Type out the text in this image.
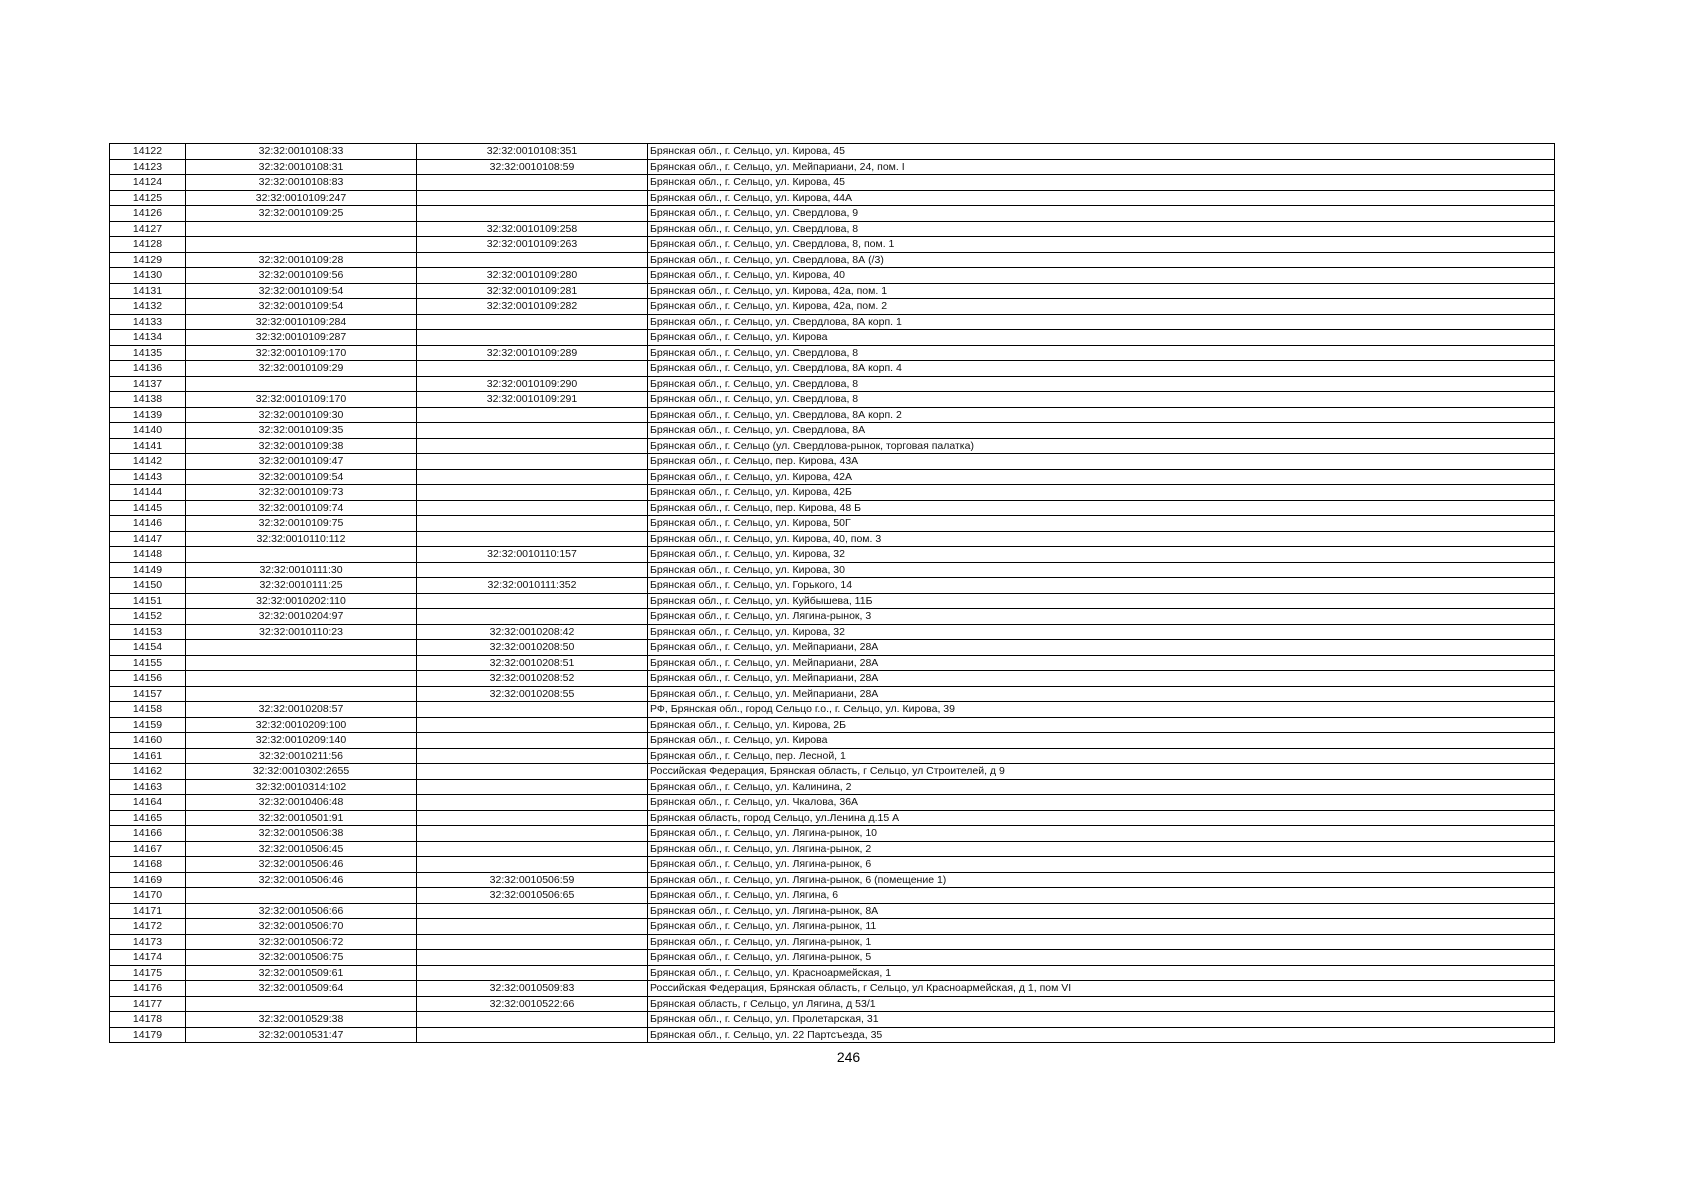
14122	32:32:0010108:33	32:32:0010108:351	Брянская обл., г. Сельцо, ул. Кирова, 45
14123	32:32:0010108:31	32:32:0010108:59	Брянская обл., г. Сельцо, ул. Мейпариани, 24, пом. I
14124	32:32:0010108:83		Брянская обл., г. Сельцо, ул. Кирова, 45
14125	32:32:0010109:247		Брянская обл., г. Сельцо, ул. Кирова, 44А
14126	32:32:0010109:25		Брянская обл., г. Сельцо, ул. Свердлова, 9
14127		32:32:0010109:258	Брянская обл., г. Сельцо, ул. Свердлова, 8
14128		32:32:0010109:263	Брянская обл., г. Сельцо, ул. Свердлова, 8, пом. 1
14129	32:32:0010109:28		Брянская обл., г. Сельцо, ул. Свердлова, 8А (/3)
14130	32:32:0010109:56	32:32:0010109:280	Брянская обл., г. Сельцо, ул. Кирова, 40
14131	32:32:0010109:54	32:32:0010109:281	Брянская обл., г. Сельцо, ул. Кирова, 42а, пом. 1
14132	32:32:0010109:54	32:32:0010109:282	Брянская обл., г. Сельцо, ул. Кирова, 42а, пом. 2
14133	32:32:0010109:284		Брянская обл., г. Сельцо, ул. Свердлова, 8А корп. 1
14134	32:32:0010109:287		Брянская обл., г. Сельцо, ул. Кирова
14135	32:32:0010109:170	32:32:0010109:289	Брянская обл., г. Сельцо, ул. Свердлова, 8
14136	32:32:0010109:29		Брянская обл., г. Сельцо, ул. Свердлова, 8А корп. 4
14137		32:32:0010109:290	Брянская обл., г. Сельцо, ул. Свердлова, 8
14138	32:32:0010109:170	32:32:0010109:291	Брянская обл., г. Сельцо, ул. Свердлова, 8
14139	32:32:0010109:30		Брянская обл., г. Сельцо, ул. Свердлова, 8А корп. 2
14140	32:32:0010109:35		Брянская обл., г. Сельцо, ул. Свердлова, 8А
14141	32:32:0010109:38		Брянская обл., г. Сельцо (ул. Свердлова-рынок, торговая палатка)
14142	32:32:0010109:47		Брянская обл., г. Сельцо, пер. Кирова, 43А
14143	32:32:0010109:54		Брянская обл., г. Сельцо, ул. Кирова, 42А
14144	32:32:0010109:73		Брянская обл., г. Сельцо, ул. Кирова, 42Б
14145	32:32:0010109:74		Брянская обл., г. Сельцо, пер. Кирова, 48 Б
14146	32:32:0010109:75		Брянская обл., г. Сельцо, ул. Кирова, 50Г
14147	32:32:0010110:112		Брянская обл., г. Сельцо, ул. Кирова, 40, пом. 3
14148		32:32:0010110:157	Брянская обл., г. Сельцо, ул. Кирова, 32
14149	32:32:0010111:30		Брянская обл., г. Сельцо, ул. Кирова, 30
14150	32:32:0010111:25	32:32:0010111:352	Брянская обл., г. Сельцо, ул. Горького, 14
14151	32:32:0010202:110		Брянская обл., г. Сельцо, ул. Куйбышева, 11Б
14152	32:32:0010204:97		Брянская обл., г. Сельцо, ул. Лягина-рынок, 3
14153	32:32:0010110:23	32:32:0010208:42	Брянская обл., г. Сельцо, ул. Кирова, 32
14154		32:32:0010208:50	Брянская обл., г. Сельцо, ул. Мейпариани, 28А
14155		32:32:0010208:51	Брянская обл., г. Сельцо, ул. Мейпариани, 28А
14156		32:32:0010208:52	Брянская обл., г. Сельцо, ул. Мейпариани, 28А
14157		32:32:0010208:55	Брянская обл., г. Сельцо, ул. Мейпариани, 28А
14158	32:32:0010208:57		РФ, Брянская обл., город Сельцо г.о., г. Сельцо, ул. Кирова, 39
14159	32:32:0010209:100		Брянская обл., г. Сельцо, ул. Кирова, 2Б
14160	32:32:0010209:140		Брянская обл., г. Сельцо, ул. Кирова
14161	32:32:0010211:56		Брянская обл., г. Сельцо, пер. Лесной, 1
14162	32:32:0010302:2655		Российская Федерация, Брянская область, г Сельцо, ул Строителей, д 9
14163	32:32:0010314:102		Брянская обл., г. Сельцо, ул. Калинина, 2
14164	32:32:0010406:48		Брянская обл., г. Сельцо, ул. Чкалова, 36А
14165	32:32:0010501:91		Брянская область, город Сельцо, ул.Ленина д.15 А
14166	32:32:0010506:38		Брянская обл., г. Сельцо, ул. Лягина-рынок, 10
14167	32:32:0010506:45		Брянская обл., г. Сельцо, ул. Лягина-рынок, 2
14168	32:32:0010506:46		Брянская обл., г. Сельцо, ул. Лягина-рынок, 6
14169	32:32:0010506:46	32:32:0010506:59	Брянская обл., г. Сельцо, ул. Лягина-рынок, 6 (помещение 1)
14170		32:32:0010506:65	Брянская обл., г. Сельцо, ул. Лягина, 6
14171	32:32:0010506:66		Брянская обл., г. Сельцо, ул. Лягина-рынок, 8А
14172	32:32:0010506:70		Брянская обл., г. Сельцо, ул. Лягина-рынок, 11
14173	32:32:0010506:72		Брянская обл., г. Сельцо, ул. Лягина-рынок, 1
14174	32:32:0010506:75		Брянская обл., г. Сельцо, ул. Лягина-рынок, 5
14175	32:32:0010509:61		Брянская обл., г. Сельцо, ул. Красноармейская, 1
14176	32:32:0010509:64	32:32:0010509:83	Российская Федерация, Брянская область, г Сельцо, ул Красноармейская, д 1, пом VI
14177		32:32:0010522:66	Брянская область, г Сельцо, ул Лягина, д 53/1
14178	32:32:0010529:38		Брянская обл., г. Сельцо, ул. Пролетарская, 31
14179	32:32:0010531:47		Брянская обл., г. Сельцо, ул. 22 Партсъезда, 35
246
